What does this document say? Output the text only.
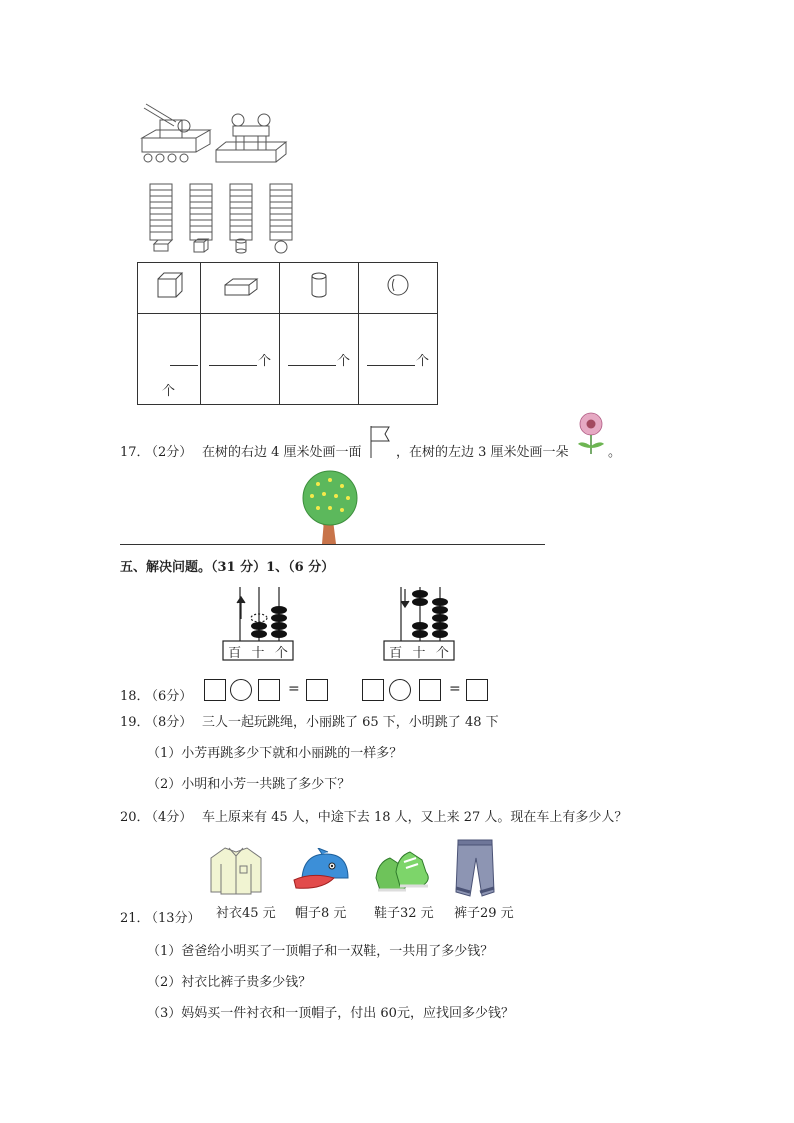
个	个	个	个
17．
（2分） 在树的右边 4 厘米处画一面	，在树的左边 3 厘米处画一朵	。
五、解决问题。（31 分）1、（6 分）
百 十 个	百 十 个
18．
（6分）	=	=
19．
（8分） 三人一起玩跳绳，小丽跳了 65 下，小明跳了 48 下
（1）小芳再跳多少下就和小丽跳的一样多？
（2）小明和小芳一共跳了多少下？
20．
（4分） 车上原来有 45 人，中途下去 18 人，又上来 27 人。现在车上有多少人？
21．
（13分） 衬衣45 元 帽子8 元 鞋子32 元 裤子29 元
（1）爸爸给小明买了一顶帽子和一双鞋，一共用了多少钱？
（2）衬衣比裤子贵多少钱？
（3）妈妈买一件衬衣和一顶帽子，付出 60元，应找回多少钱？
